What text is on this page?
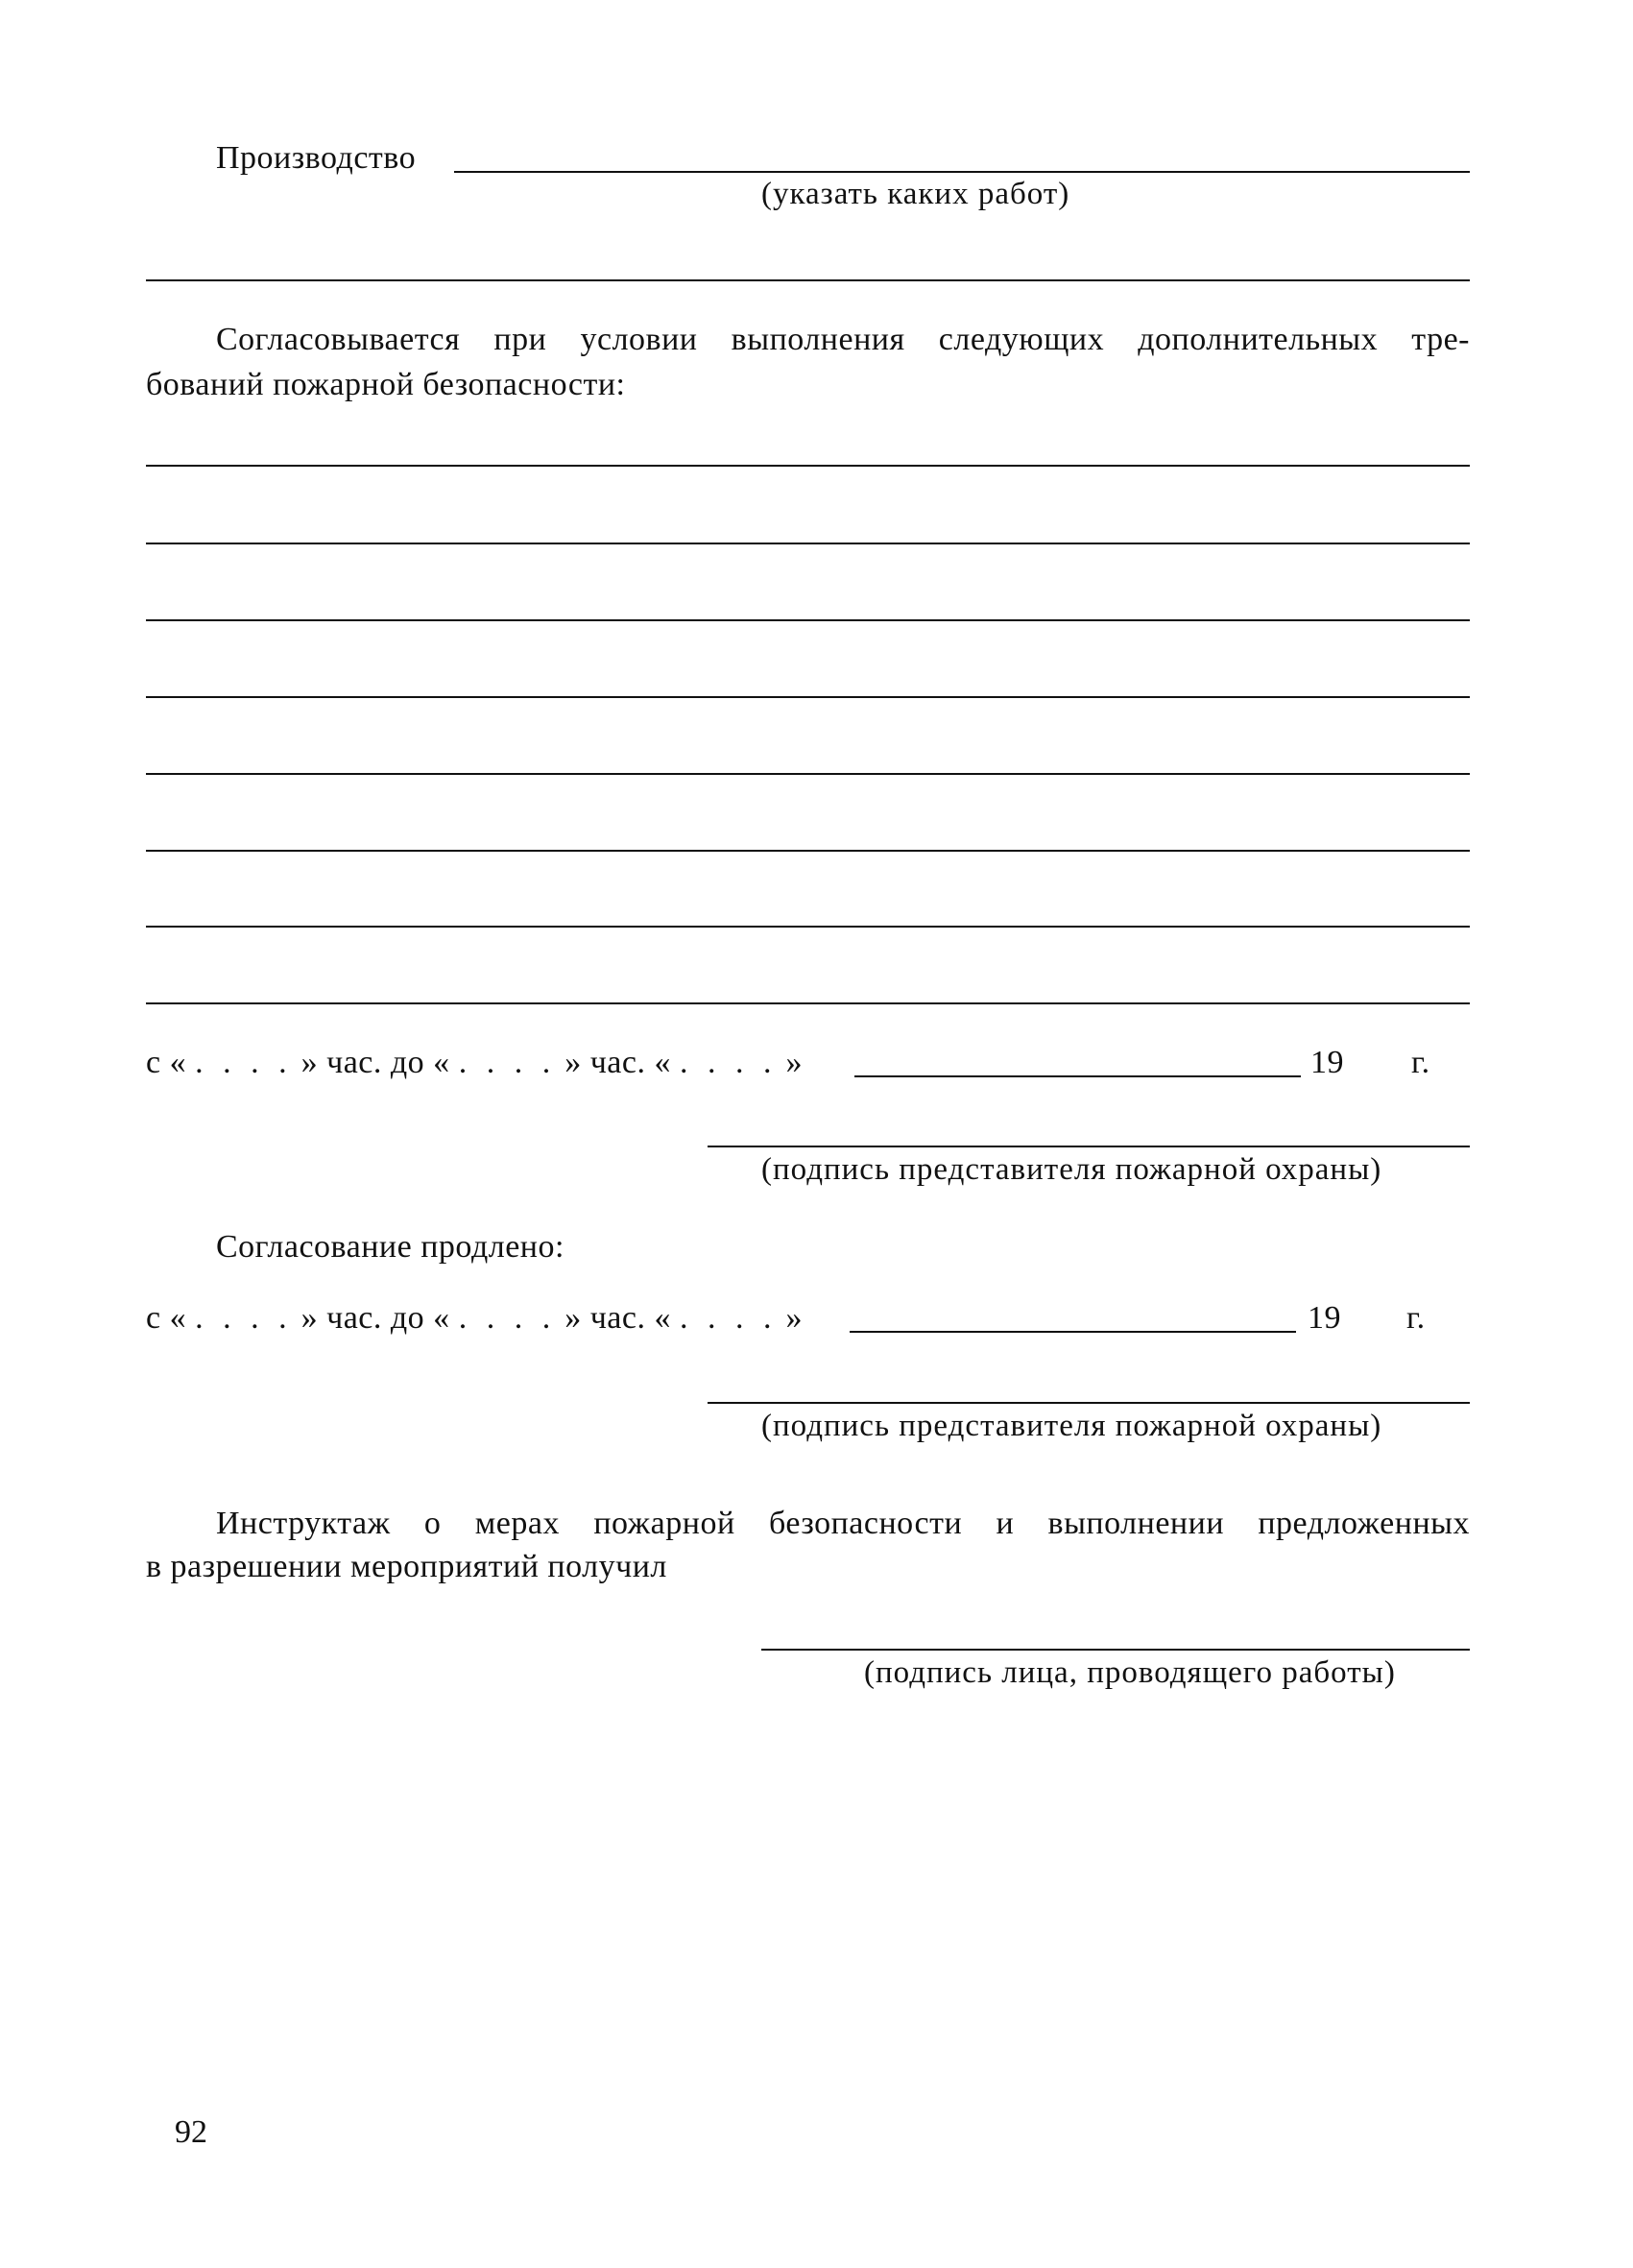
Производство
(указать каких работ)
Согласовывается при условии выполнения следующих дополнительных тре-
бований пожарной безопасности:
с « . . . . » час. до « . . . . » час. « . . . . »	19 г.
(подпись представителя пожарной охраны)
Согласование продлено:
с « . . . . » час. до « . . . . » час. « . . . . »	19 г.
(подпись представителя пожарной охраны)
Инструктаж о мерах пожарной безопасности и выполнении предложенных
в разрешении мероприятий получил
(подпись лица, проводящего работы)
92
